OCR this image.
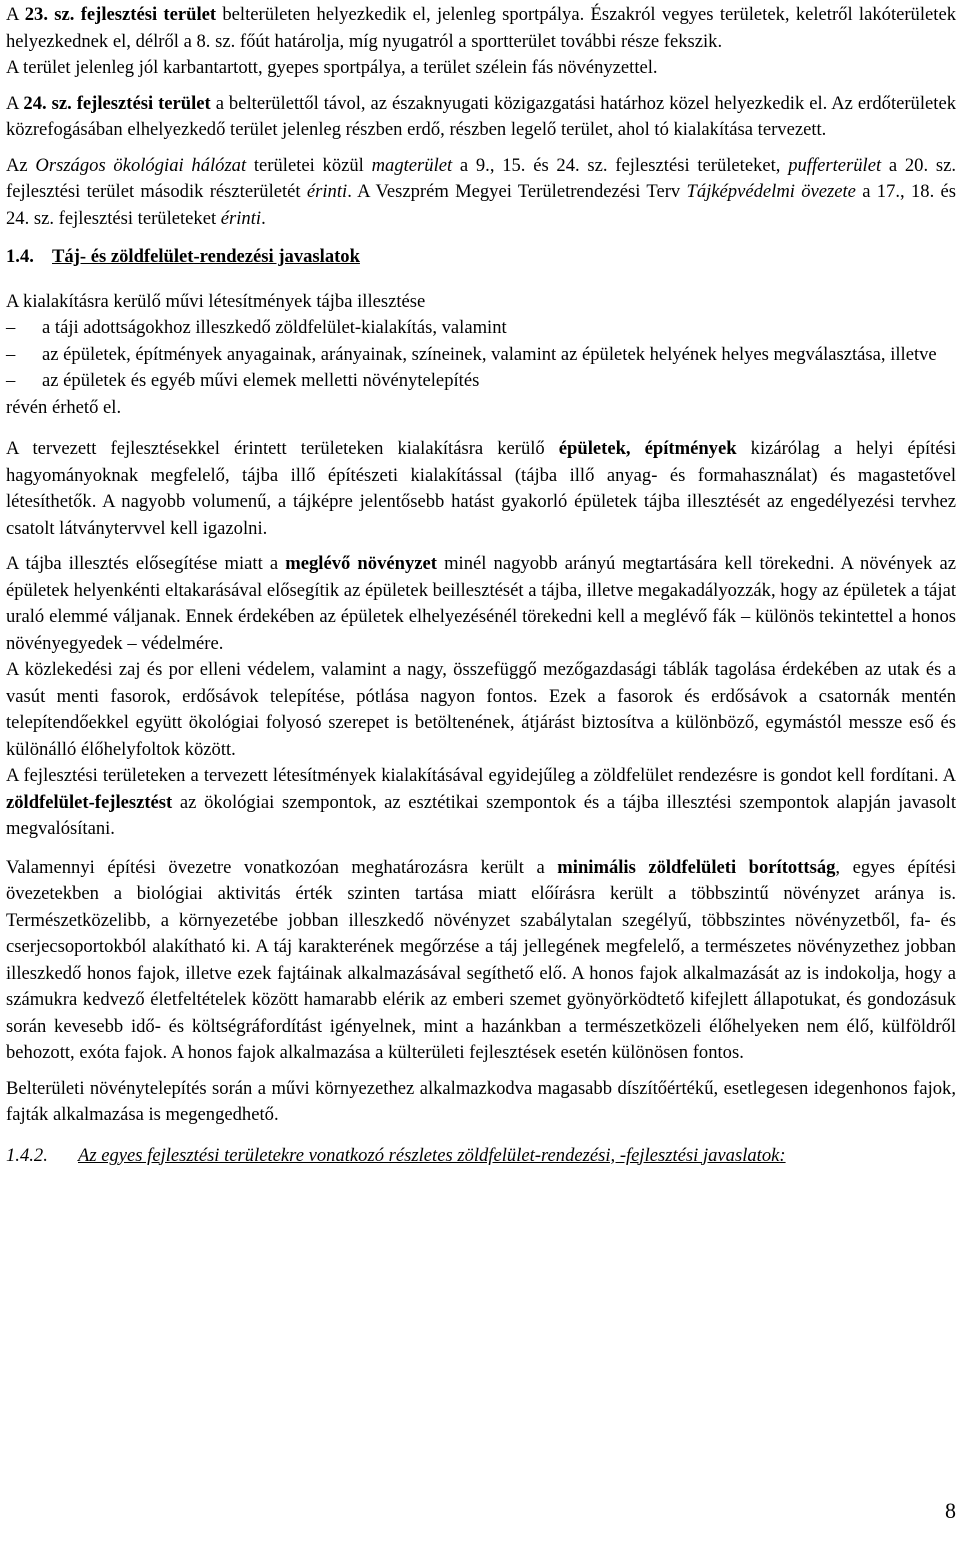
A 23. sz. fejlesztési terület belterületen helyezkedik el, jelenleg sportpálya. Északról vegyes területek, keletről lakóterületek helyezkednek el, délről a 8. sz. főút határolja, míg nyugatról a sportterület további része fekszik.

A terület jelenleg jól karbantartott, gyepes sportpálya, a terület szélein fás növényzettel.

A 24. sz. fejlesztési terület a belterülettől távol, az északnyugati közigazgatási határhoz közel helyezkedik el. Az erdőterületek közrefogásában elhelyezkedő terület jelenleg részben erdő, részben legelő terület, ahol tó kialakítása tervezett.

Az Országos ökológiai hálózat területei közül magterület a 9., 15. és 24. sz. fejlesztési területeket, pufferterület a 20. sz. fejlesztési terület második részterületét érinti. A Veszprém Megyei Területrendezési Terv Tájképvédelmi övezete a 17., 18. és 24. sz. fejlesztési területeket érinti.

1.4. Táj- és zöldfelület-rendezési javaslatok

A kialakításra kerülő művi létesítmények tájba illesztése

– a táji adottságokhoz illeszkedő zöldfelület-kialakítás, valamint
– az épületek, építmények anyagainak, arányainak, színeinek, valamint az épületek helyének helyes megválasztása, illetve
– az épületek és egyéb művi elemek melletti növénytelepítés

révén érhető el.

A tervezett fejlesztésekkel érintett területeken kialakításra kerülő épületek, építmények kizárólag a helyi építési hagyományoknak megfelelő, tájba illő építészeti kialakítással (tájba illő anyag- és formahasználat) és magastetővel létesíthetők. A nagyobb volumenű, a tájképre jelentősebb hatást gyakorló épületek tájba illesztését az engedélyezési tervhez csatolt látványtervvel kell igazolni.

A tájba illesztés elősegítése miatt a meglévő növényzet minél nagyobb arányú megtartására kell törekedni. A növények az épületek helyenkénti eltakarásával elősegítik az épületek beillesztését a tájba, illetve megakadályozzák, hogy az épületek a tájat uraló elemmé váljanak. Ennek érdekében az épületek elhelyezésénél törekedni kell a meglévő fák – különös tekintettel a honos növényegyedek – védelmére.

A közlekedési zaj és por elleni védelem, valamint a nagy, összefüggő mezőgazdasági táblák tagolása érdekében az utak és a vasút menti fasorok, erdősávok telepítése, pótlása nagyon fontos. Ezek a fasorok és erdősávok a csatornák mentén telepítendőekkel együtt ökológiai folyosó szerepet is betöltenének, átjárást biztosítva a különböző, egymástól messze eső és különálló élőhelyfoltok között.

A fejlesztési területeken a tervezett létesítmények kialakításával egyidejűleg a zöldfelület rendezésre is gondot kell fordítani. A zöldfelület-fejlesztést az ökológiai szempontok, az esztétikai szempontok és a tájba illesztési szempontok alapján javasolt megvalósítani.

Valamennyi építési övezetre vonatkozóan meghatározásra került a minimális zöldfelületi borítottság, egyes építési övezetekben a biológiai aktivitás érték szinten tartása miatt előírásra került a többszintű növényzet aránya is. Természetközelibb, a környezetébe jobban illeszkedő növényzet szabálytalan szegélyű, többszintes növényzetből, fa- és cserjecsoportokból alakítható ki. A táj karakterének megőrzése a táj jellegének megfelelő, a természetes növényzethez jobban illeszkedő honos fajok, illetve ezek fajtáinak alkalmazásával segíthető elő. A honos fajok alkalmazását az is indokolja, hogy a számukra kedvező életfeltételek között hamarabb elérik az emberi szemet gyönyörködtető kifejlett állapotukat, és gondozásuk során kevesebb idő- és költségráfordítást igényelnek, mint a hazánkban a természetközeli élőhelyeken nem élő, külföldről behozott, exóta fajok. A honos fajok alkalmazása a külterületi fejlesztések esetén különösen fontos.

Belterületi növénytelepítés során a művi környezethez alkalmazkodva magasabb díszítőértékű, esetlegesen idegenhonos fajok, fajták alkalmazása is megengedhető.

1.4.2.	Az egyes fejlesztési területekre vonatkozó részletes zöldfelület-rendezési, -fejlesztési javaslatok:
8
